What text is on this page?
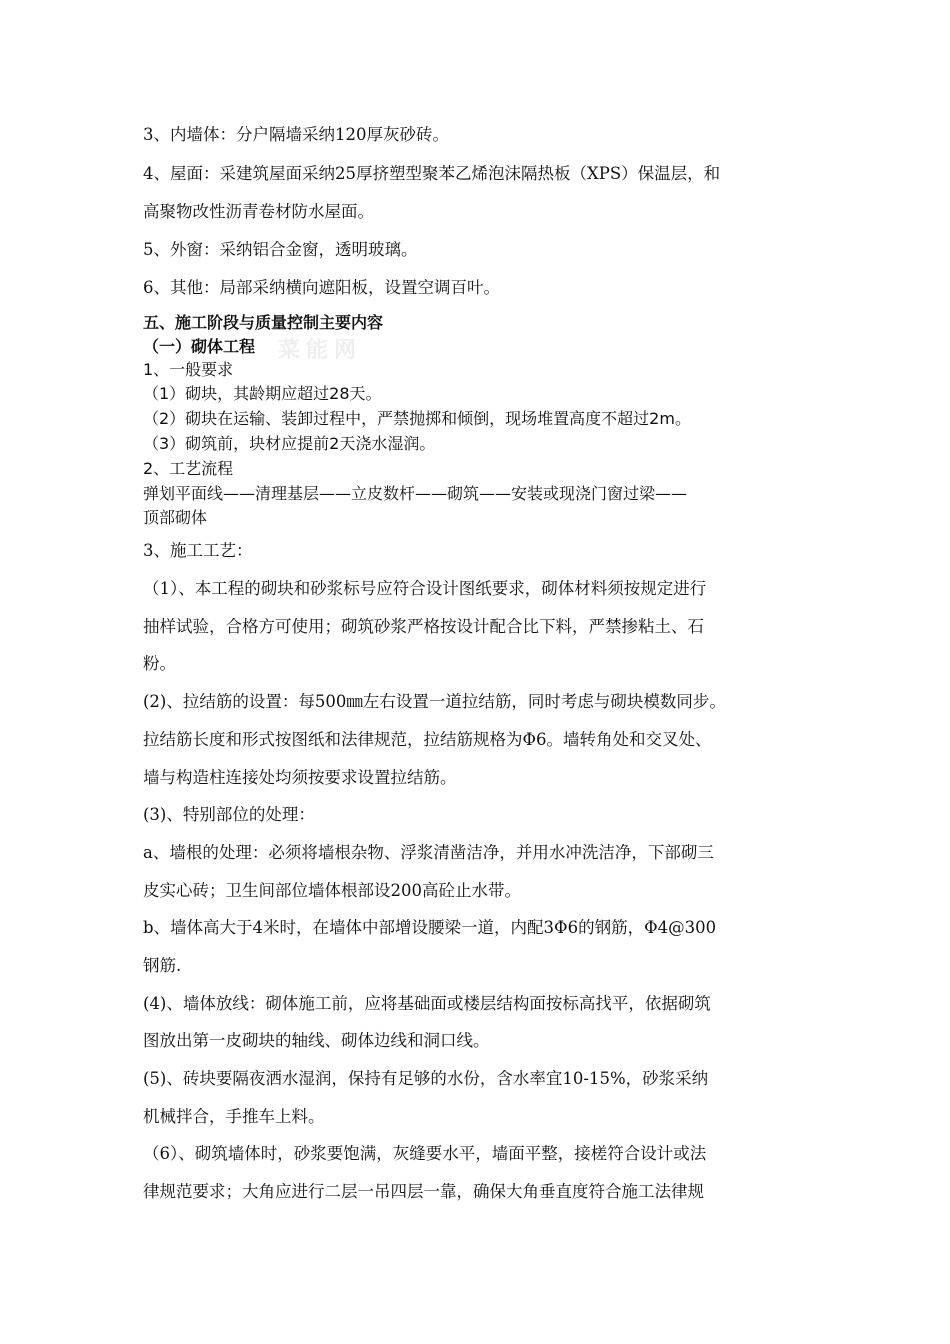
菜能网
3、内墙体：分户隔墙采纳120厚灰砂砖。
4、屋面：采建筑屋面采纳25厚挤塑型聚苯乙烯泡沫隔热板（XPS）保温层，和
高聚物改性沥青卷材防水屋面。
5、外窗：采纳铝合金窗，透明玻璃。
6、其他：局部采纳横向遮阳板，设置空调百叶。
五、施工阶段与质量控制主要内容
（一）砌体工程
1、一般要求
（1）砌块，其龄期应超过28天。
（2）砌块在运输、装卸过程中，严禁抛掷和倾倒，现场堆置高度不超过2m。
（3）砌筑前，块材应提前2天浇水湿润。
2、工艺流程
弹划平面线——清理基层——立皮数杆——砌筑——安装或现浇门窗过梁——
顶部砌体
3、施工工艺：
（1）、本工程的砌块和砂浆标号应符合设计图纸要求，砌体材料须按规定进行
抽样试验，合格方可使用；砌筑砂浆严格按设计配合比下料，严禁掺粘土、石
粉。
(2)、拉结筋的设置：每500㎜左右设置一道拉结筋，同时考虑与砌块模数同步。
拉结筋长度和形式按图纸和法律规范，拉结筋规格为Φ6。墙转角处和交叉处、
墙与构造柱连接处均须按要求设置拉结筋。
(3)、特别部位的处理：
a、墙根的处理：必须将墙根杂物、浮浆清凿洁净，并用水冲洗洁净，下部砌三
皮实心砖；卫生间部位墙体根部设200高砼止水带。
b、墙体高大于4米时，在墙体中部增设腰梁一道，内配3Φ6的钢筋，Φ4@300
钢筋.
(4)、墙体放线：砌体施工前，应将基础面或楼层结构面按标高找平，依据砌筑
图放出第一皮砌块的轴线、砌体边线和洞口线。
(5)、砖块要隔夜洒水湿润，保持有足够的水份，含水率宜10-15%，砂浆采纳
机械拌合，手推车上料。
（6）、砌筑墙体时，砂浆要饱满，灰缝要水平，墙面平整，接槎符合设计或法
律规范要求；大角应进行二层一吊四层一靠，确保大角垂直度符合施工法律规
